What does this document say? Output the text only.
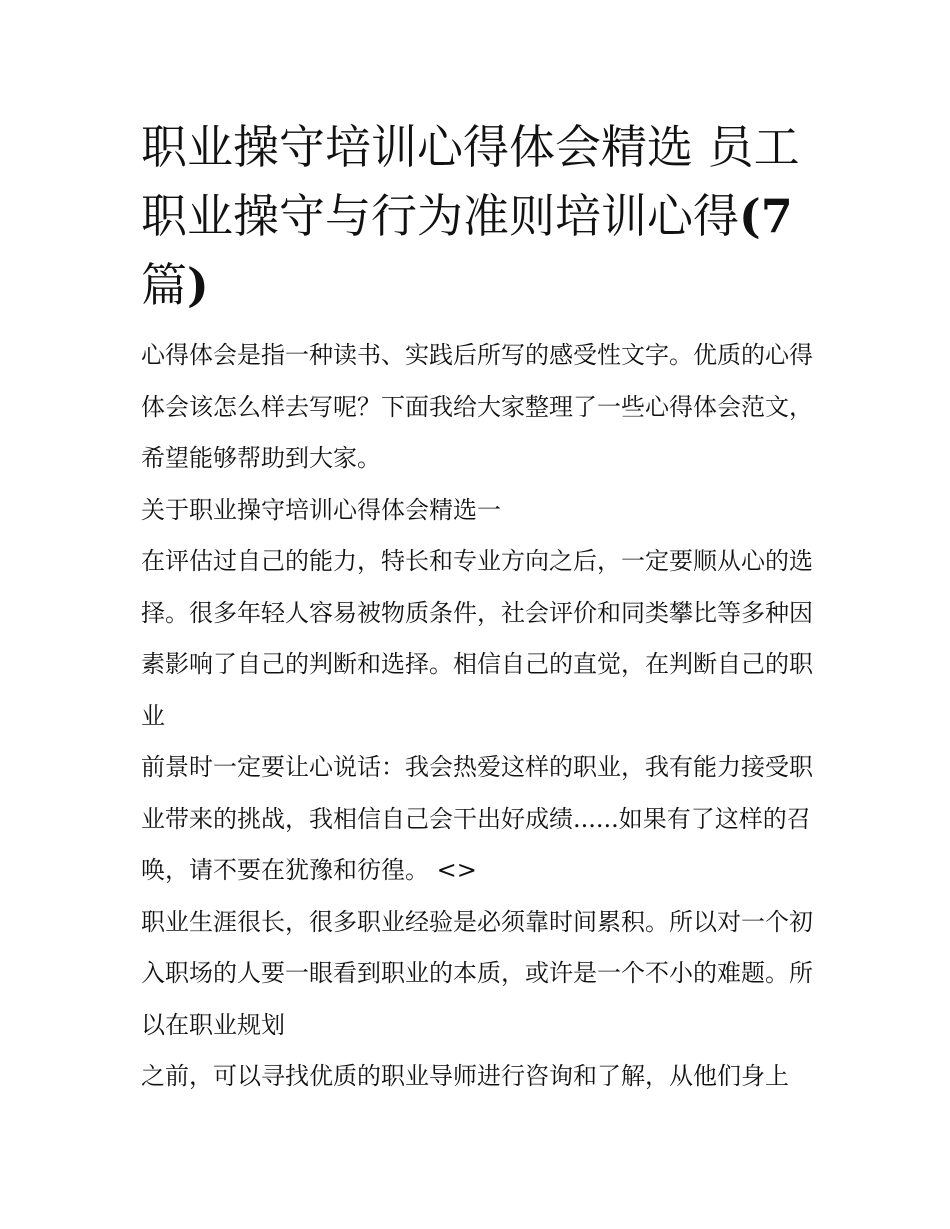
职业操守培训心得体会精选 员工职业操守与行为准则培训心得(7篇)

心得体会是指一种读书、实践后所写的感受性文字。优质的心得体会该怎么样去写呢？下面我给大家整理了一些心得体会范文，希望能够帮助到大家。

关于职业操守培训心得体会精选一

在评估过自己的能力，特长和专业方向之后，一定要顺从心的选择。很多年轻人容易被物质条件，社会评价和同类攀比等多种因素影响了自己的判断和选择。相信自己的直觉，在判断自己的职业

前景时一定要让心说话：我会热爱这样的职业，我有能力接受职业带来的挑战，我相信自己会干出好成绩......如果有了这样的召唤，请不要在犹豫和彷徨。 <>

职业生涯很长，很多职业经验是必须靠时间累积。所以对一个初入职场的人要一眼看到职业的本质，或许是一个不小的难题。所以在职业规划

之前，可以寻找优质的职业导师进行咨询和了解，从他们身上
